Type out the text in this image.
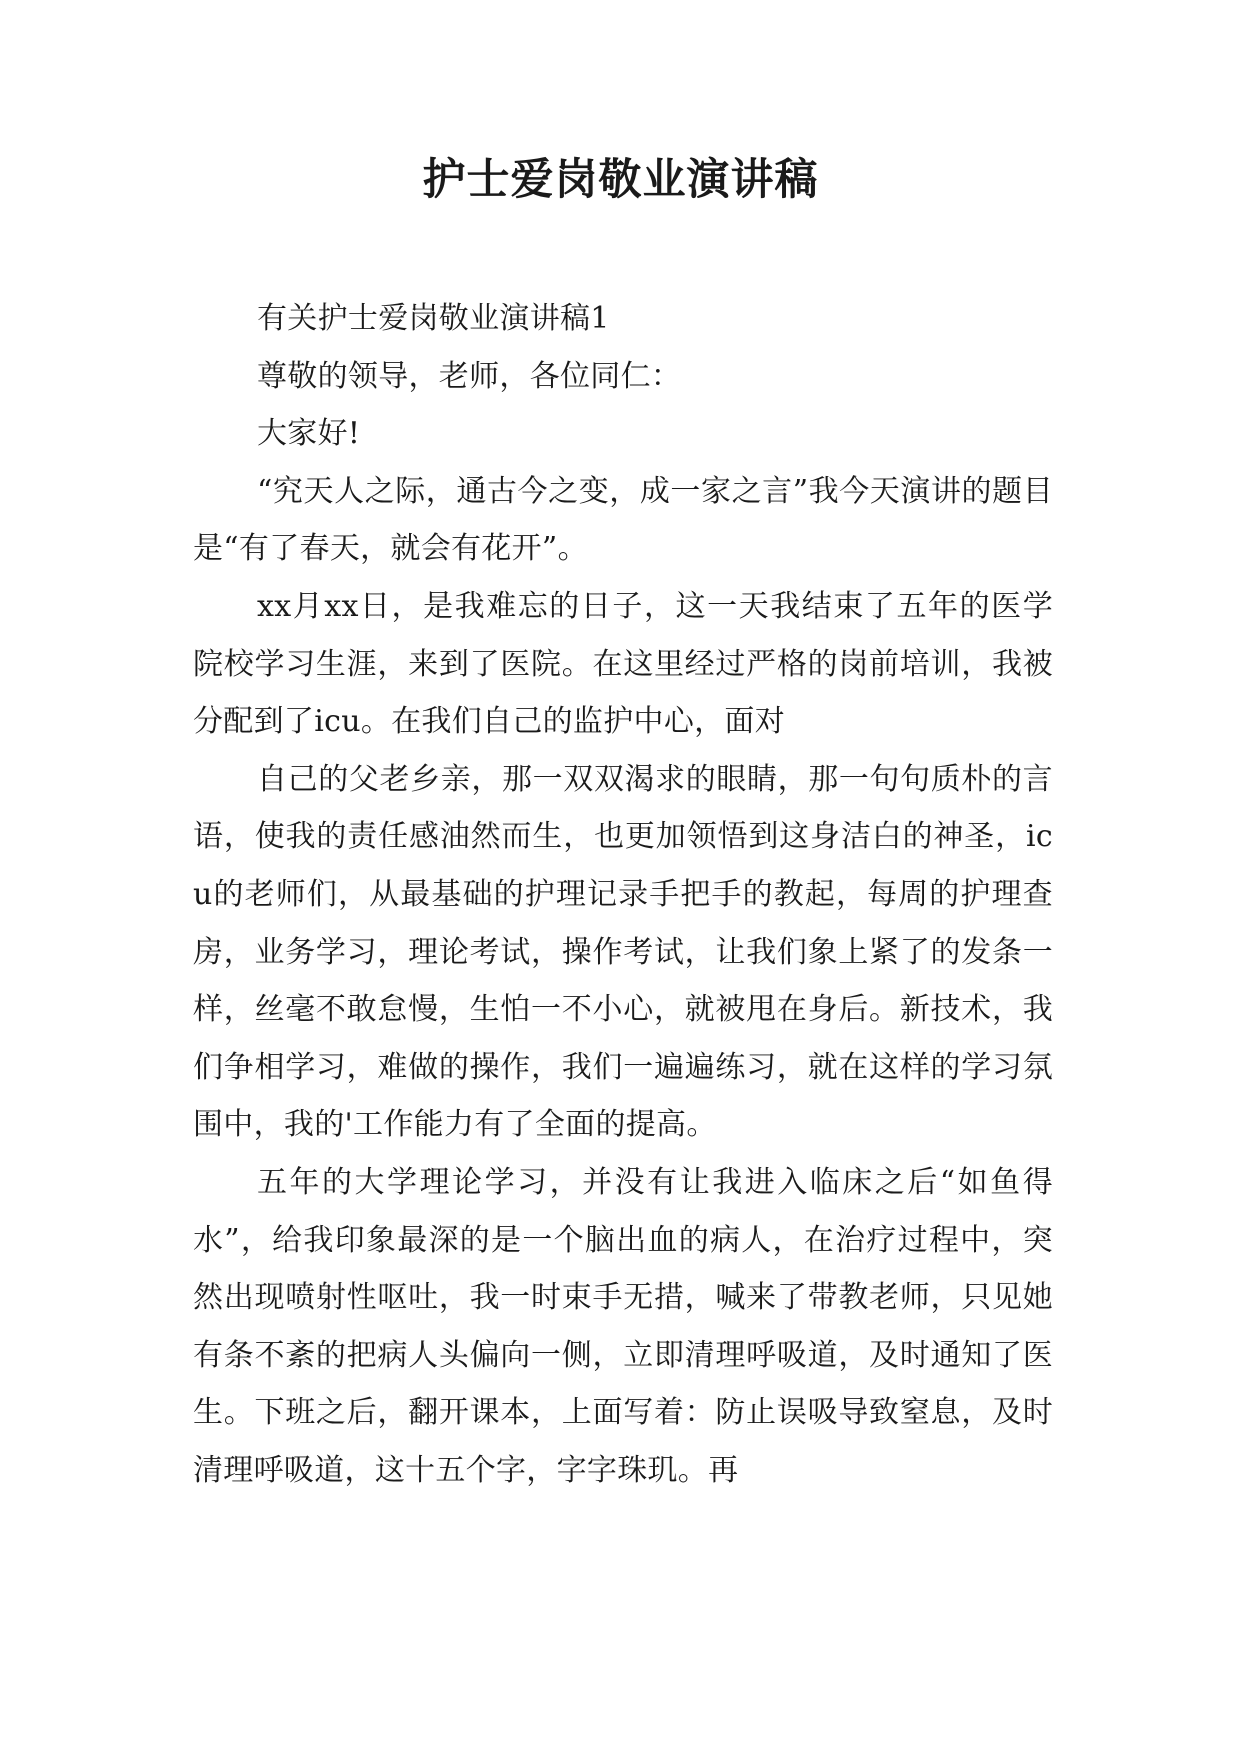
护士爱岗敬业演讲稿

有关护士爱岗敬业演讲稿1

尊敬的领导，老师，各位同仁：

大家好!

“究天人之际，通古今之变，成一家之言”我今天演讲的题目是“有了春天，就会有花开”。

xx月xx日，是我难忘的日子，这一天我结束了五年的医学院校学习生涯，来到了医院。在这里经过严格的岗前培训，我被分配到了icu。在我们自己的监护中心，面对

自己的父老乡亲，那一双双渴求的眼睛，那一句句质朴的言语，使我的责任感油然而生，也更加领悟到这身洁白的神圣，icu的老师们，从最基础的护理记录手把手的教起，每周的护理查房，业务学习，理论考试，操作考试，让我们象上紧了的发条一样，丝毫不敢怠慢，生怕一不小心，就被甩在身后。新技术，我们争相学习，难做的操作，我们一遍遍练习，就在这样的学习氛围中，我的'工作能力有了全面的提高。

五年的大学理论学习，并没有让我进入临床之后“如鱼得水”，给我印象最深的是一个脑出血的病人，在治疗过程中，突然出现喷射性呕吐，我一时束手无措，喊来了带教老师，只见她有条不紊的把病人头偏向一侧，立即清理呼吸道，及时通知了医生。下班之后，翻开课本，上面写着：防止误吸导致窒息，及时清理呼吸道，这十五个字，字字珠玑。再
